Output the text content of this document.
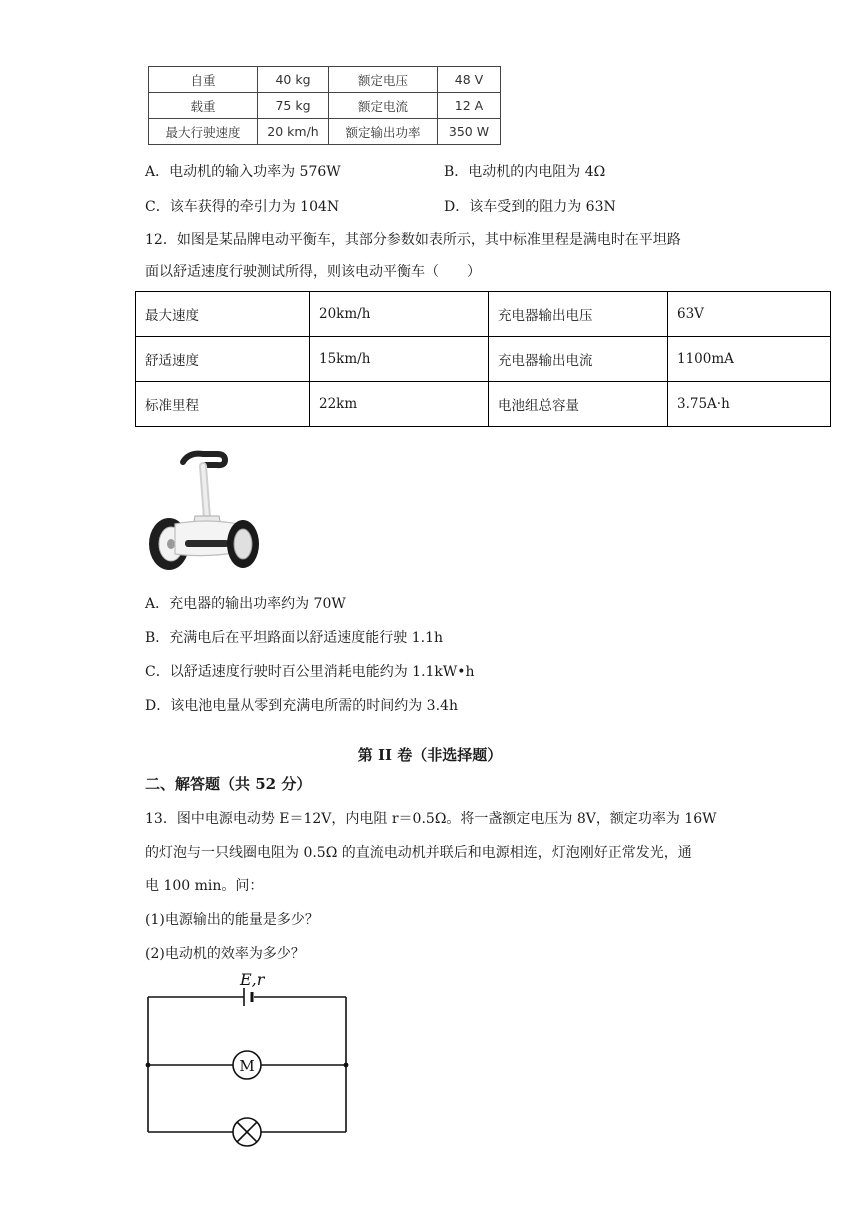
自重	40 kg	额定电压	48 V
载重	75 kg	额定电流	12 A
最大行驶速度	20 km/h	额定输出功率	350 W
A．电动机的输入功率为 576W	B．电动机的内电阻为 4Ω
C．该车获得的牵引力为 104N	D．该车受到的阻力为 63N
12．如图是某品牌电动平衡车，其部分参数如表所示，其中标准里程是满电时在平坦路
面以舒适速度行驶测试所得，则该电动平衡车（　　）
最大速度	20km/h	充电器输出电压	63V
舒适速度	15km/h	充电器输出电流	1100mA
标准里程	22km	电池组总容量	3.75A·h
A．充电器的输出功率约为 70W
B．充满电后在平坦路面以舒适速度能行驶 1.1h
C．以舒适速度行驶时百公里消耗电能约为 1.1kW•h
D．该电池电量从零到充满电所需的时间约为 3.4h
第 II 卷（非选择题）
二、解答题（共 52 分）
13．图中电源电动势 E＝12V，内电阻 r＝0.5Ω。将一盏额定电压为 8V，额定功率为 16W
的灯泡与一只线圈电阻为 0.5Ω 的直流电动机并联后和电源相连，灯泡刚好正常发光，通
电 100 min。问：
(1)电源输出的能量是多少？
(2)电动机的效率为多少？
E,r
M
